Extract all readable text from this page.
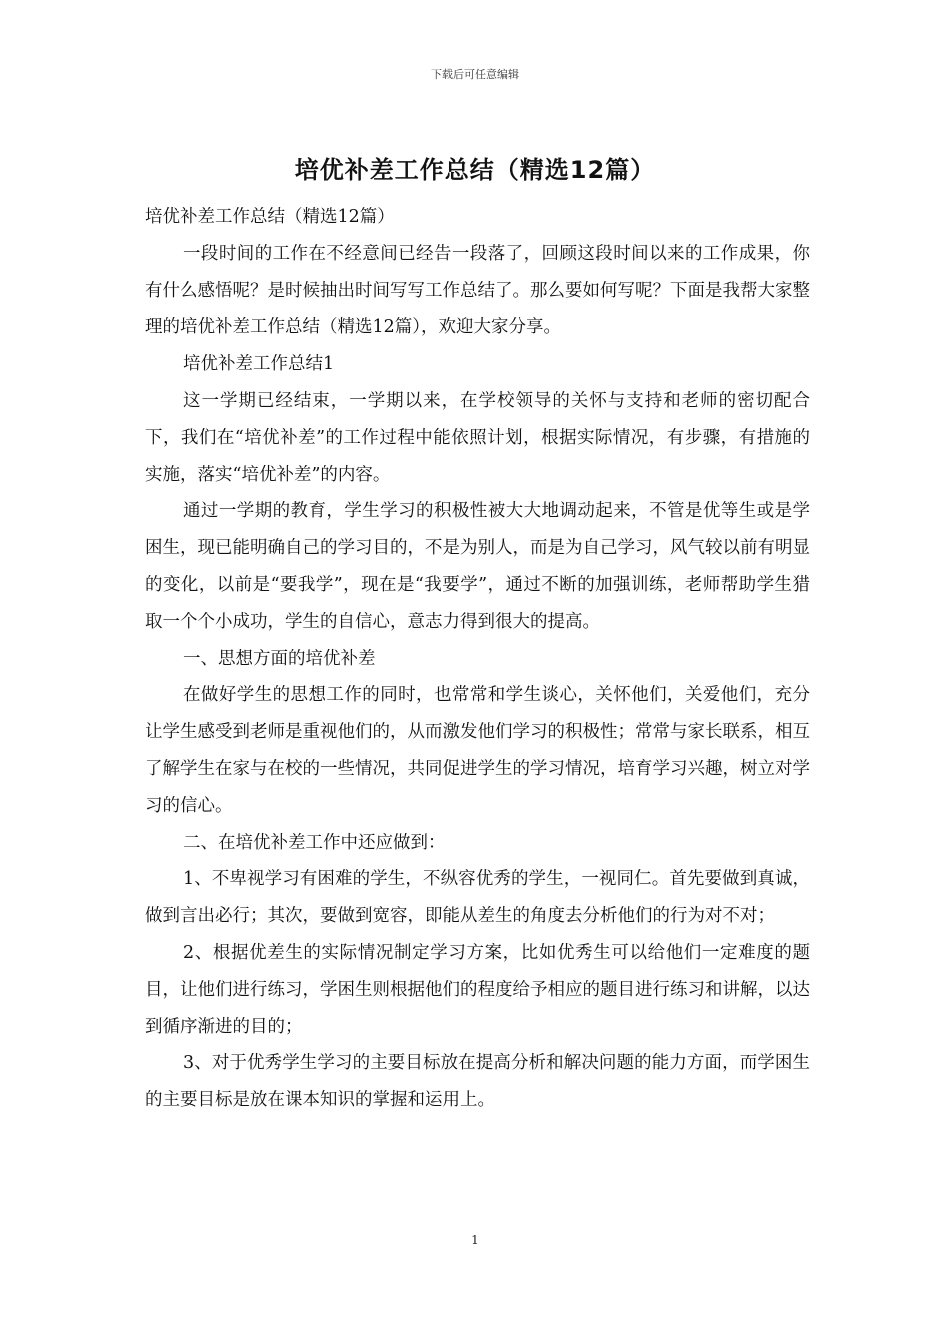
下载后可任意编辑
培优补差工作总结（精选12篇）

培优补差工作总结（精选12篇）

一段时间的工作在不经意间已经告一段落了，回顾这段时间以来的工作成果，你有什么感悟呢？是时候抽出时间写写工作总结了。那么要如何写呢？下面是我帮大家整理的培优补差工作总结（精选12篇），欢迎大家分享。

培优补差工作总结1

这一学期已经结束，一学期以来，在学校领导的关怀与支持和老师的密切配合下，我们在“培优补差”的工作过程中能依照计划，根据实际情况，有步骤，有措施的实施，落实“培优补差”的内容。

通过一学期的教育，学生学习的积极性被大大地调动起来，不管是优等生或是学困生，现已能明确自己的学习目的，不是为别人，而是为自己学习，风气较以前有明显的变化，以前是“要我学”，现在是“我要学”，通过不断的加强训练，老师帮助学生猎取一个个小成功，学生的自信心，意志力得到很大的提高。

一、思想方面的培优补差

在做好学生的思想工作的同时，也常常和学生谈心，关怀他们，关爱他们，充分让学生感受到老师是重视他们的，从而激发他们学习的积极性；常常与家长联系，相互了解学生在家与在校的一些情况，共同促进学生的学习情况，培育学习兴趣，树立对学习的信心。

二、在培优补差工作中还应做到：

1、不卑视学习有困难的学生，不纵容优秀的学生，一视同仁。首先要做到真诚，做到言出必行；其次，要做到宽容，即能从差生的角度去分析他们的行为对不对；

2、根据优差生的实际情况制定学习方案，比如优秀生可以给他们一定难度的题目，让他们进行练习，学困生则根据他们的程度给予相应的题目进行练习和讲解，以达到循序渐进的目的；

3、对于优秀学生学习的主要目标放在提高分析和解决问题的能力方面，而学困生的主要目标是放在课本知识的掌握和运用上。

1
